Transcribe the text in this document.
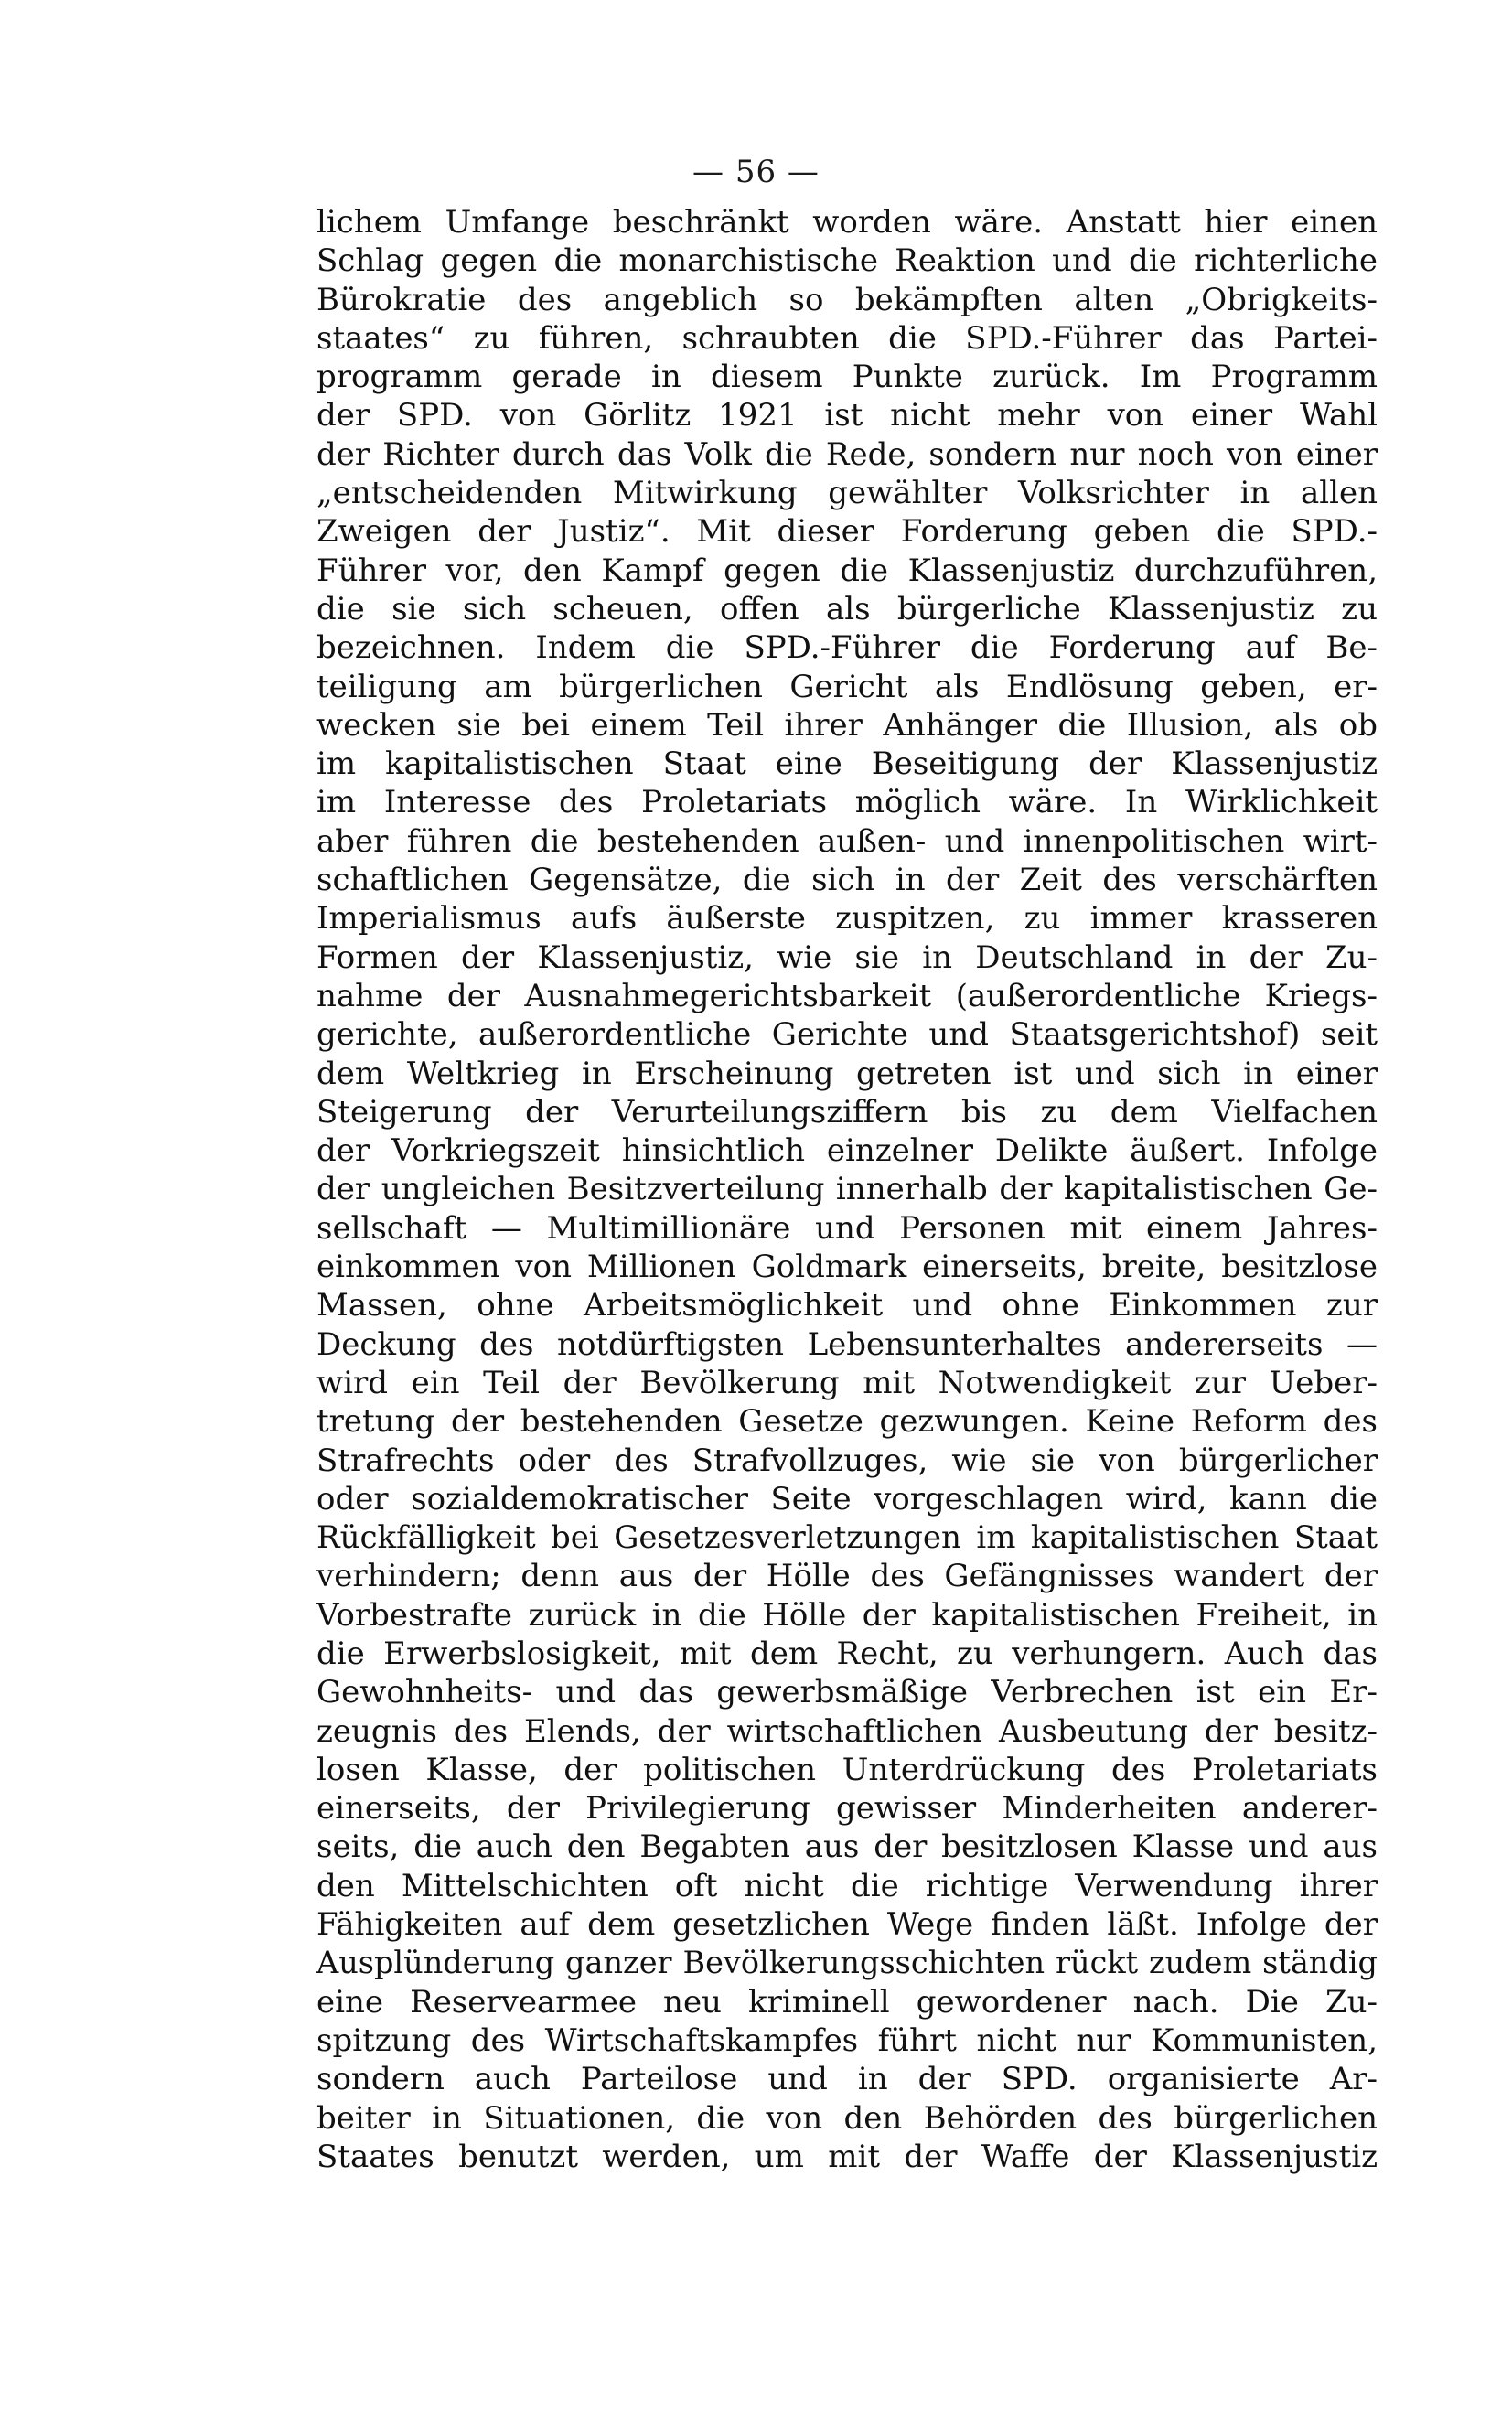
— 56 —
lichem Umfange beschränkt worden wäre. Anstatt hier einen
Schlag gegen die monarchistische Reaktion und die richterliche
Bürokratie des angeblich so bekämpften alten „Obrigkeits-
staates“ zu führen, schraubten die SPD.-Führer das Partei-
programm gerade in diesem Punkte zurück. Im Programm
der SPD. von Görlitz 1921 ist nicht mehr von einer Wahl
der Richter durch das Volk die Rede, sondern nur noch von einer
„entscheidenden Mitwirkung gewählter Volksrichter in allen
Zweigen der Justiz“. Mit dieser Forderung geben die SPD.-
Führer vor, den Kampf gegen die Klassenjustiz durchzuführen,
die sie sich scheuen, offen als bürgerliche Klassenjustiz zu
bezeichnen. Indem die SPD.-Führer die Forderung auf Be-
teiligung am bürgerlichen Gericht als Endlösung geben, er-
wecken sie bei einem Teil ihrer Anhänger die Illusion, als ob
im kapitalistischen Staat eine Beseitigung der Klassenjustiz
im Interesse des Proletariats möglich wäre. In Wirklichkeit
aber führen die bestehenden außen- und innenpolitischen wirt-
schaftlichen Gegensätze, die sich in der Zeit des verschärften
Imperialismus aufs äußerste zuspitzen, zu immer krasseren
Formen der Klassenjustiz, wie sie in Deutschland in der Zu-
nahme der Ausnahmegerichtsbarkeit (außerordentliche Kriegs-
gerichte, außerordentliche Gerichte und Staatsgerichtshof) seit
dem Weltkrieg in Erscheinung getreten ist und sich in einer
Steigerung der Verurteilungsziffern bis zu dem Vielfachen
der Vorkriegszeit hinsichtlich einzelner Delikte äußert. Infolge
der ungleichen Besitzverteilung innerhalb der kapitalistischen Ge-
sellschaft — Multimillionäre und Personen mit einem Jahres-
einkommen von Millionen Goldmark einerseits, breite, besitzlose
Massen, ohne Arbeitsmöglichkeit und ohne Einkommen zur
Deckung des notdürftigsten Lebensunterhaltes andererseits —
wird ein Teil der Bevölkerung mit Notwendigkeit zur Ueber-
tretung der bestehenden Gesetze gezwungen. Keine Reform des
Strafrechts oder des Strafvollzuges, wie sie von bürgerlicher
oder sozialdemokratischer Seite vorgeschlagen wird, kann die
Rückfälligkeit bei Gesetzesverletzungen im kapitalistischen Staat
verhindern; denn aus der Hölle des Gefängnisses wandert der
Vorbestrafte zurück in die Hölle der kapitalistischen Freiheit, in
die Erwerbslosigkeit, mit dem Recht, zu verhungern. Auch das
Gewohnheits- und das gewerbsmäßige Verbrechen ist ein Er-
zeugnis des Elends, der wirtschaftlichen Ausbeutung der besitz-
losen Klasse, der politischen Unterdrückung des Proletariats
einerseits, der Privilegierung gewisser Minderheiten anderer-
seits, die auch den Begabten aus der besitzlosen Klasse und aus
den Mittelschichten oft nicht die richtige Verwendung ihrer
Fähigkeiten auf dem gesetzlichen Wege finden läßt. Infolge der
Ausplünderung ganzer Bevölkerungsschichten rückt zudem ständig
eine Reservearmee neu kriminell gewordener nach. Die Zu-
spitzung des Wirtschaftskampfes führt nicht nur Kommunisten,
sondern auch Parteilose und in der SPD. organisierte Ar-
beiter in Situationen, die von den Behörden des bürgerlichen
Staates benutzt werden, um mit der Waffe der Klassenjustiz
